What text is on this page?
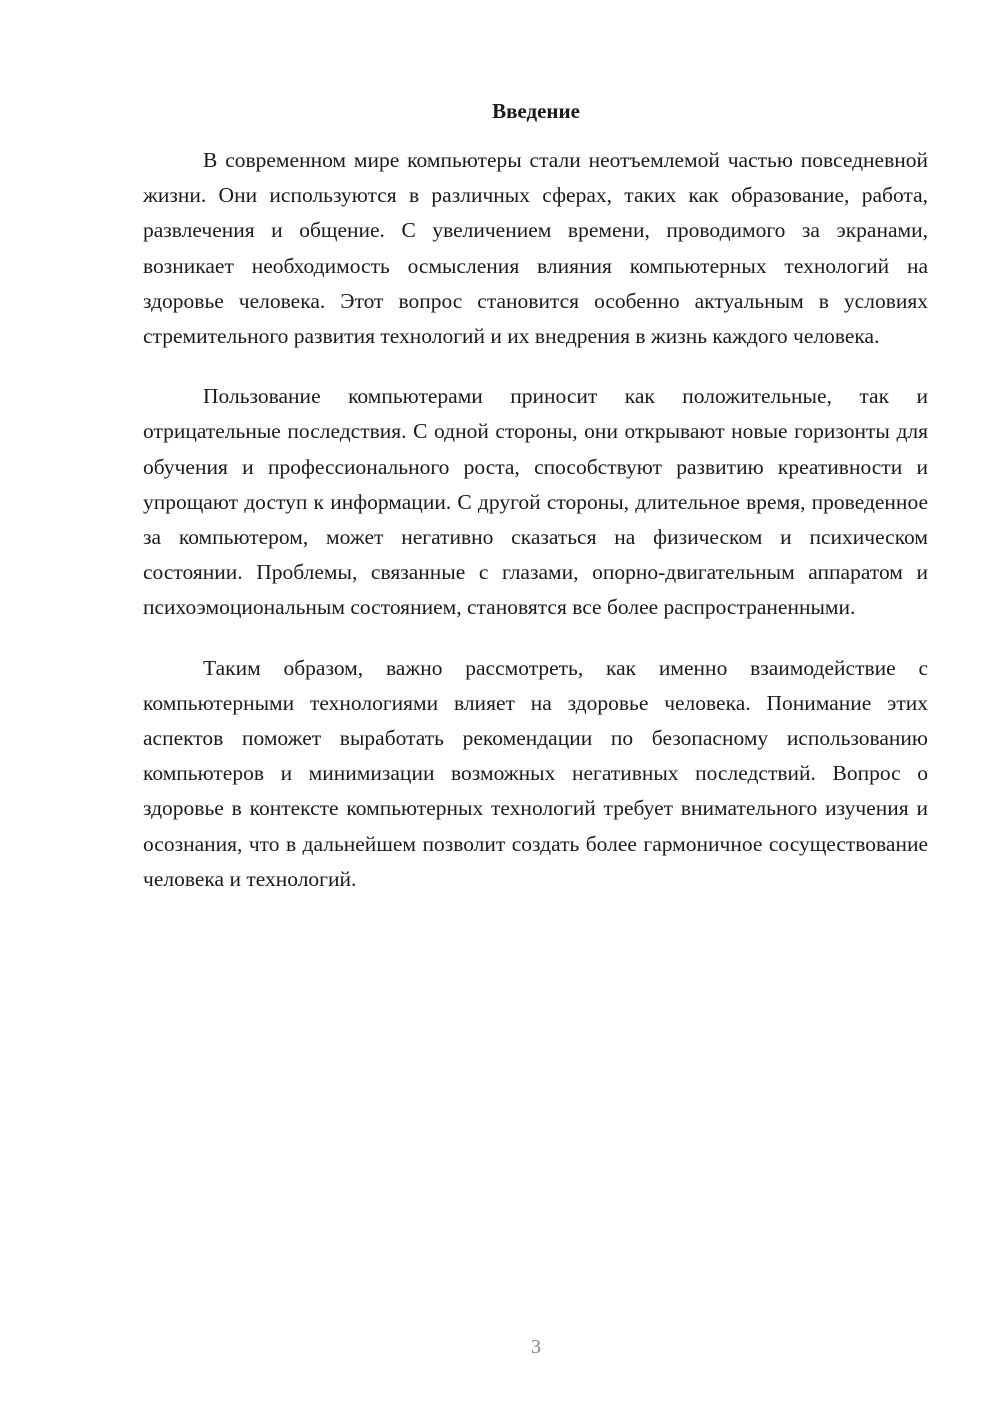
Введение

В современном мире компьютеры стали неотъемлемой частью повседневной жизни. Они используются в различных сферах, таких как образование, работа, развлечения и общение. С увеличением времени, проводимого за экранами, возникает необходимость осмысления влияния компьютерных технологий на здоровье человека. Этот вопрос становится особенно актуальным в условиях стремительного развития технологий и их внедрения в жизнь каждого человека.

Пользование компьютерами приносит как положительные, так и отрицательные последствия. С одной стороны, они открывают новые горизонты для обучения и профессионального роста, способствуют развитию креативности и упрощают доступ к информации. С другой стороны, длительное время, проведенное за компьютером, может негативно сказаться на физическом и психическом состоянии. Проблемы, связанные с глазами, опорно-двигательным аппаратом и психоэмоциональным состоянием, становятся все более распространенными.

Таким образом, важно рассмотреть, как именно взаимодействие с компьютерными технологиями влияет на здоровье человека. Понимание этих аспектов поможет выработать рекомендации по безопасному использованию компьютеров и минимизации возможных негативных последствий. Вопрос о здоровье в контексте компьютерных технологий требует внимательного изучения и осознания, что в дальнейшем позволит создать более гармоничное сосуществование человека и технологий.

3
